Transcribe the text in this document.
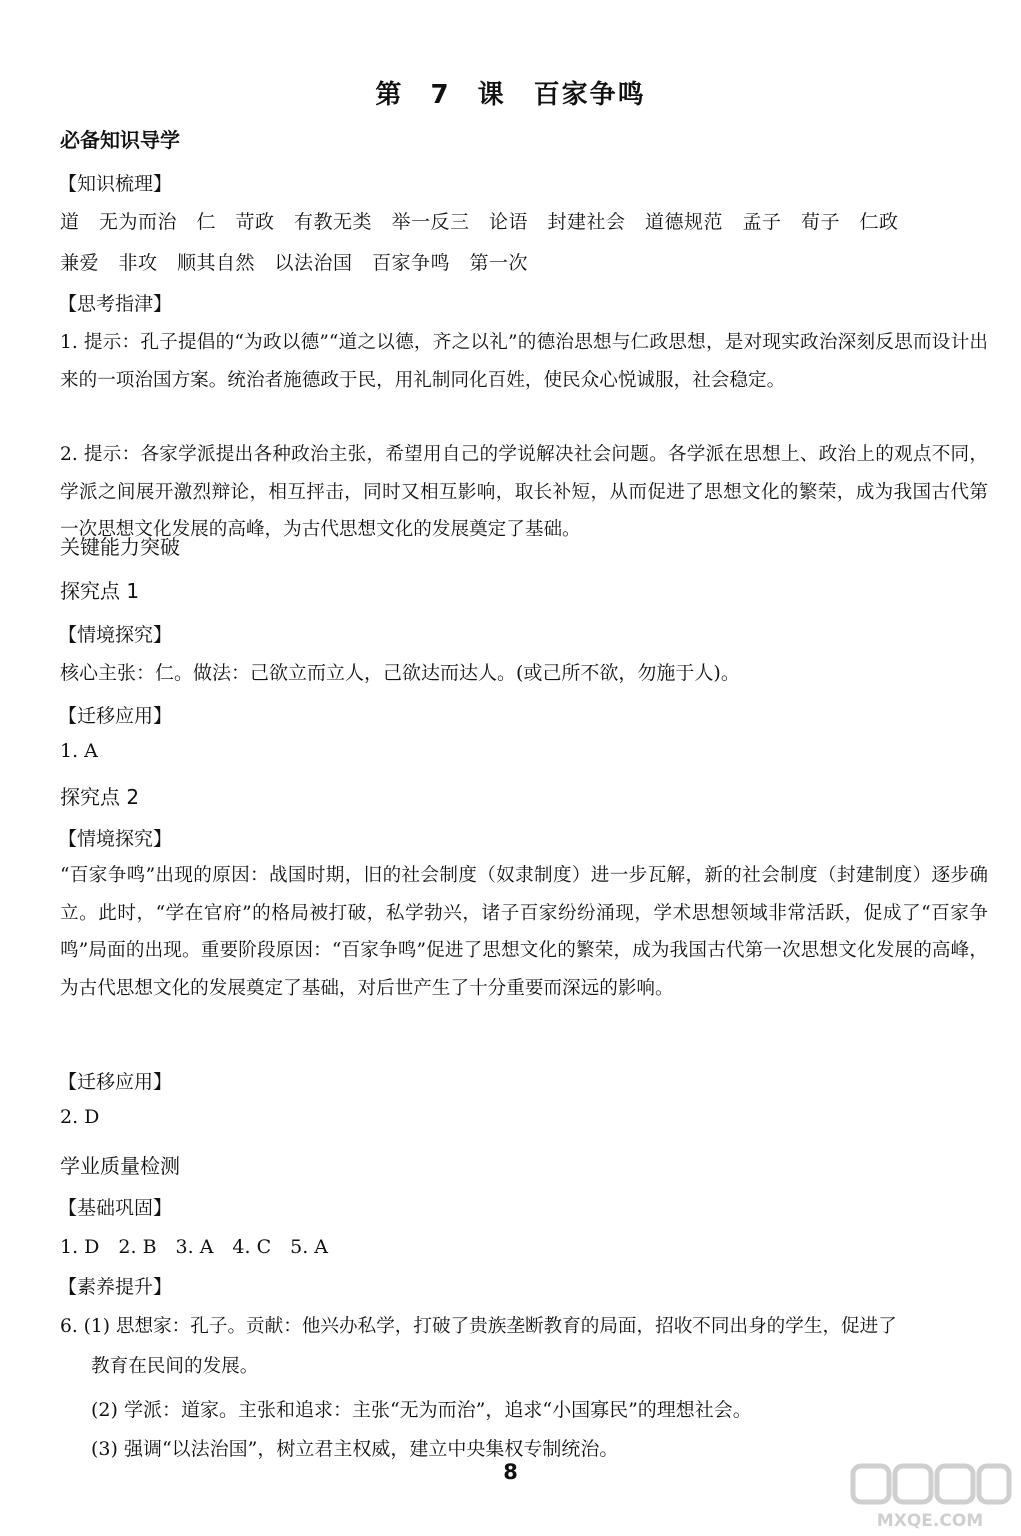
第 7 课　百家争鸣
必备知识导学
【知识梳理】
道　无为而治　仁　苛政　有教无类　举一反三　论语　封建社会　道德规范　孟子　荀子　仁政
兼爱　非攻　顺其自然　以法治国　百家争鸣　第一次
【思考指津】
1. 提示：孔子提倡的“为政以德”“道之以德，齐之以礼”的德治思想与仁政思想，是对现实政治深刻反思而设计出来的一项治国方案。统治者施德政于民，用礼制同化百姓，使民众心悦诚服，社会稳定。
2. 提示：各家学派提出各种政治主张，希望用自己的学说解决社会问题。各学派在思想上、政治上的观点不同，学派之间展开激烈辩论，相互抨击，同时又相互影响，取长补短，从而促进了思想文化的繁荣，成为我国古代第一次思想文化发展的高峰，为古代思想文化的发展奠定了基础。
关键能力突破
探究点 1
【情境探究】
核心主张：仁。做法：己欲立而立人，己欲达而达人。(或己所不欲，勿施于人)。
【迁移应用】
1. A
探究点 2
【情境探究】
“百家争鸣”出现的原因：战国时期，旧的社会制度（奴隶制度）进一步瓦解，新的社会制度（封建制度）逐步确立。此时，“学在官府”的格局被打破，私学勃兴，诸子百家纷纷涌现，学术思想领域非常活跃，促成了“百家争鸣”局面的出现。重要阶段原因：“百家争鸣”促进了思想文化的繁荣，成为我国古代第一次思想文化发展的高峰，为古代思想文化的发展奠定了基础，对后世产生了十分重要而深远的影响。
【迁移应用】
2. D
学业质量检测
【基础巩固】
1. D　2. B　3. A　4. C　5. A
【素养提升】
6. (1) 思想家：孔子。贡献：他兴办私学，打破了贵族垄断教育的局面，招收不同出身的学生，促进了
教育在民间的发展。
(2) 学派：道家。主张和追求：主张“无为而治”，追求“小国寡民”的理想社会。
(3) 强调“以法治国”，树立君主权威，建立中央集权专制统治。
8
MXQE.COM
